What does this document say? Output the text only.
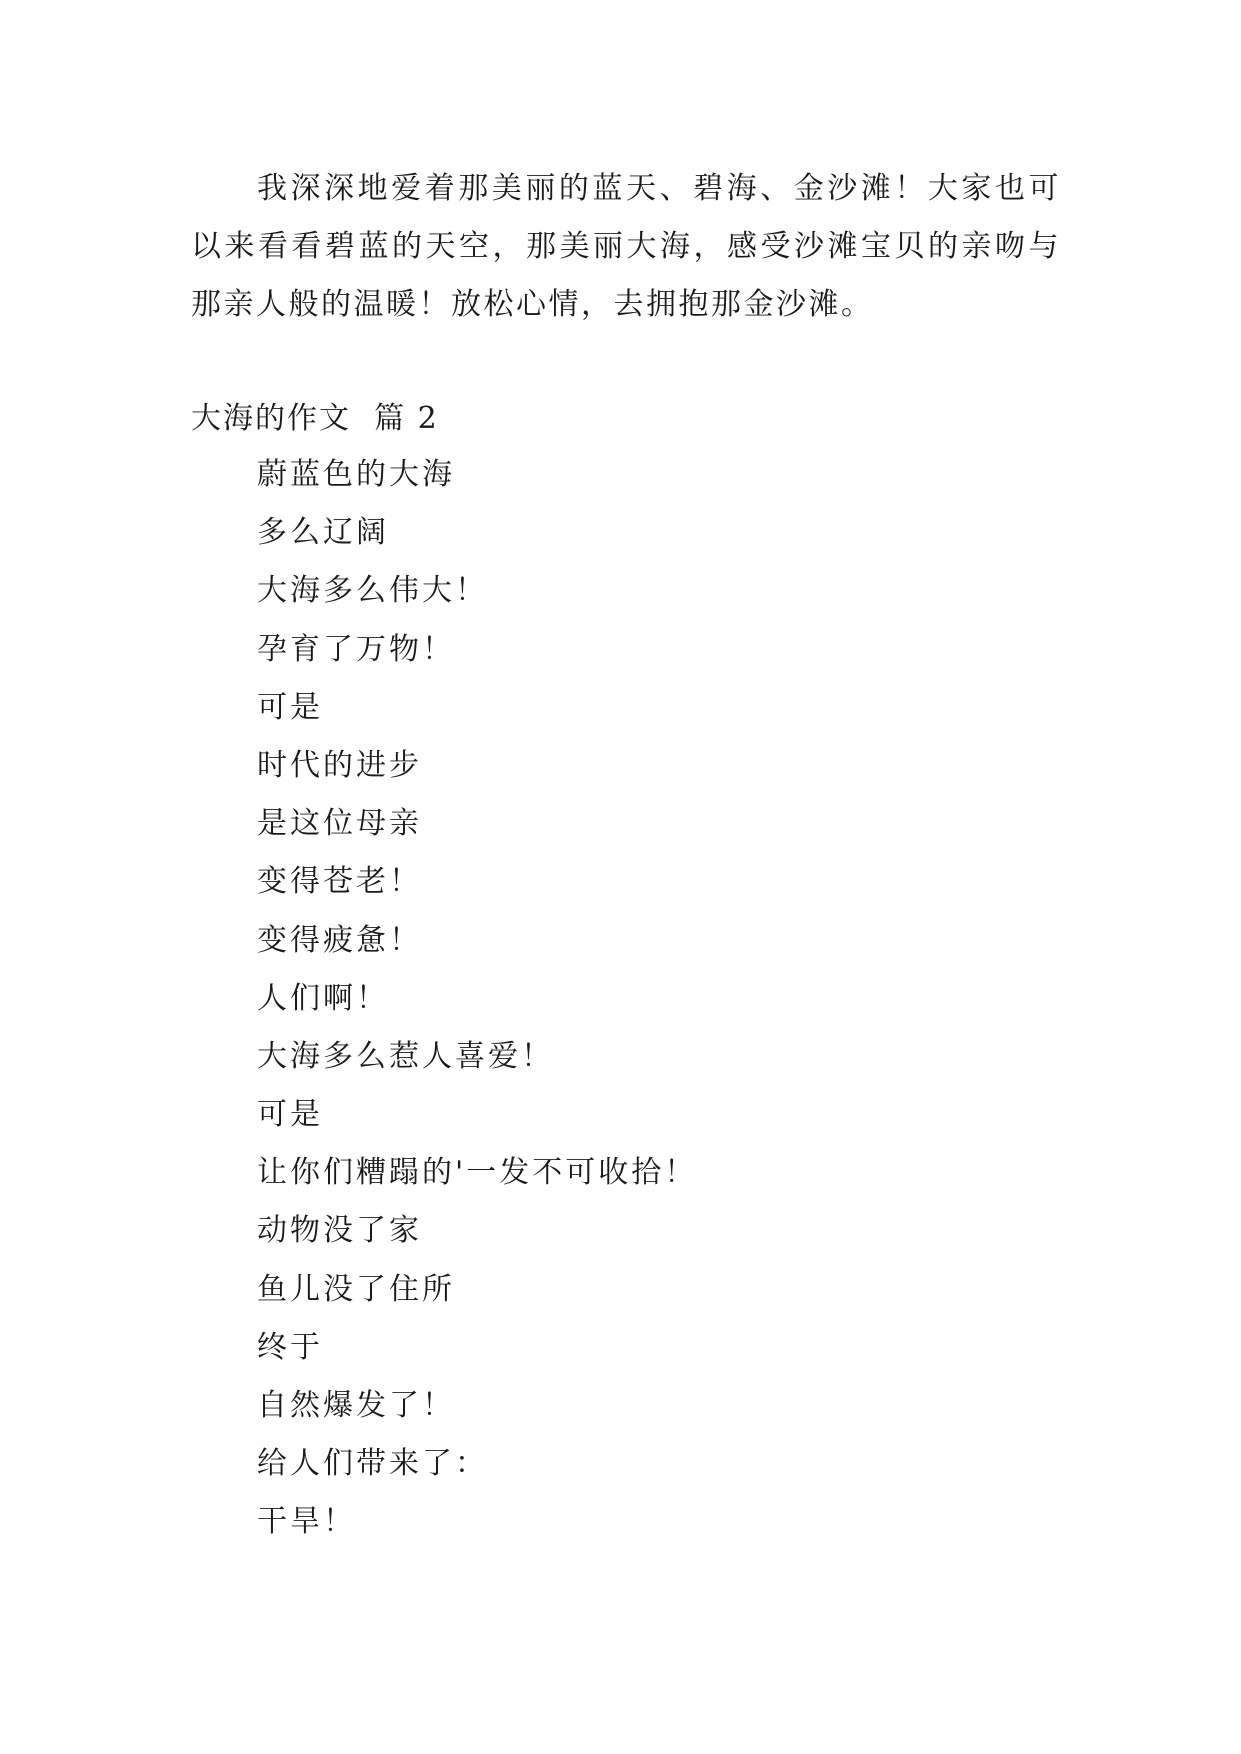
我深深地爱着那美丽的蓝天、碧海、金沙滩！大家也可以来看看碧蓝的天空，那美丽大海，感受沙滩宝贝的亲吻与那亲人般的温暖！放松心情，去拥抱那金沙滩。

大海的作文  篇 2
蔚蓝色的大海
多么辽阔
大海多么伟大！
孕育了万物！
可是
时代的进步
是这位母亲
变得苍老！
变得疲惫！
人们啊！
大海多么惹人喜爱！
可是
让你们糟蹋的'一发不可收拾！
动物没了家
鱼儿没了住所
终于
自然爆发了！
给人们带来了：
干旱！
